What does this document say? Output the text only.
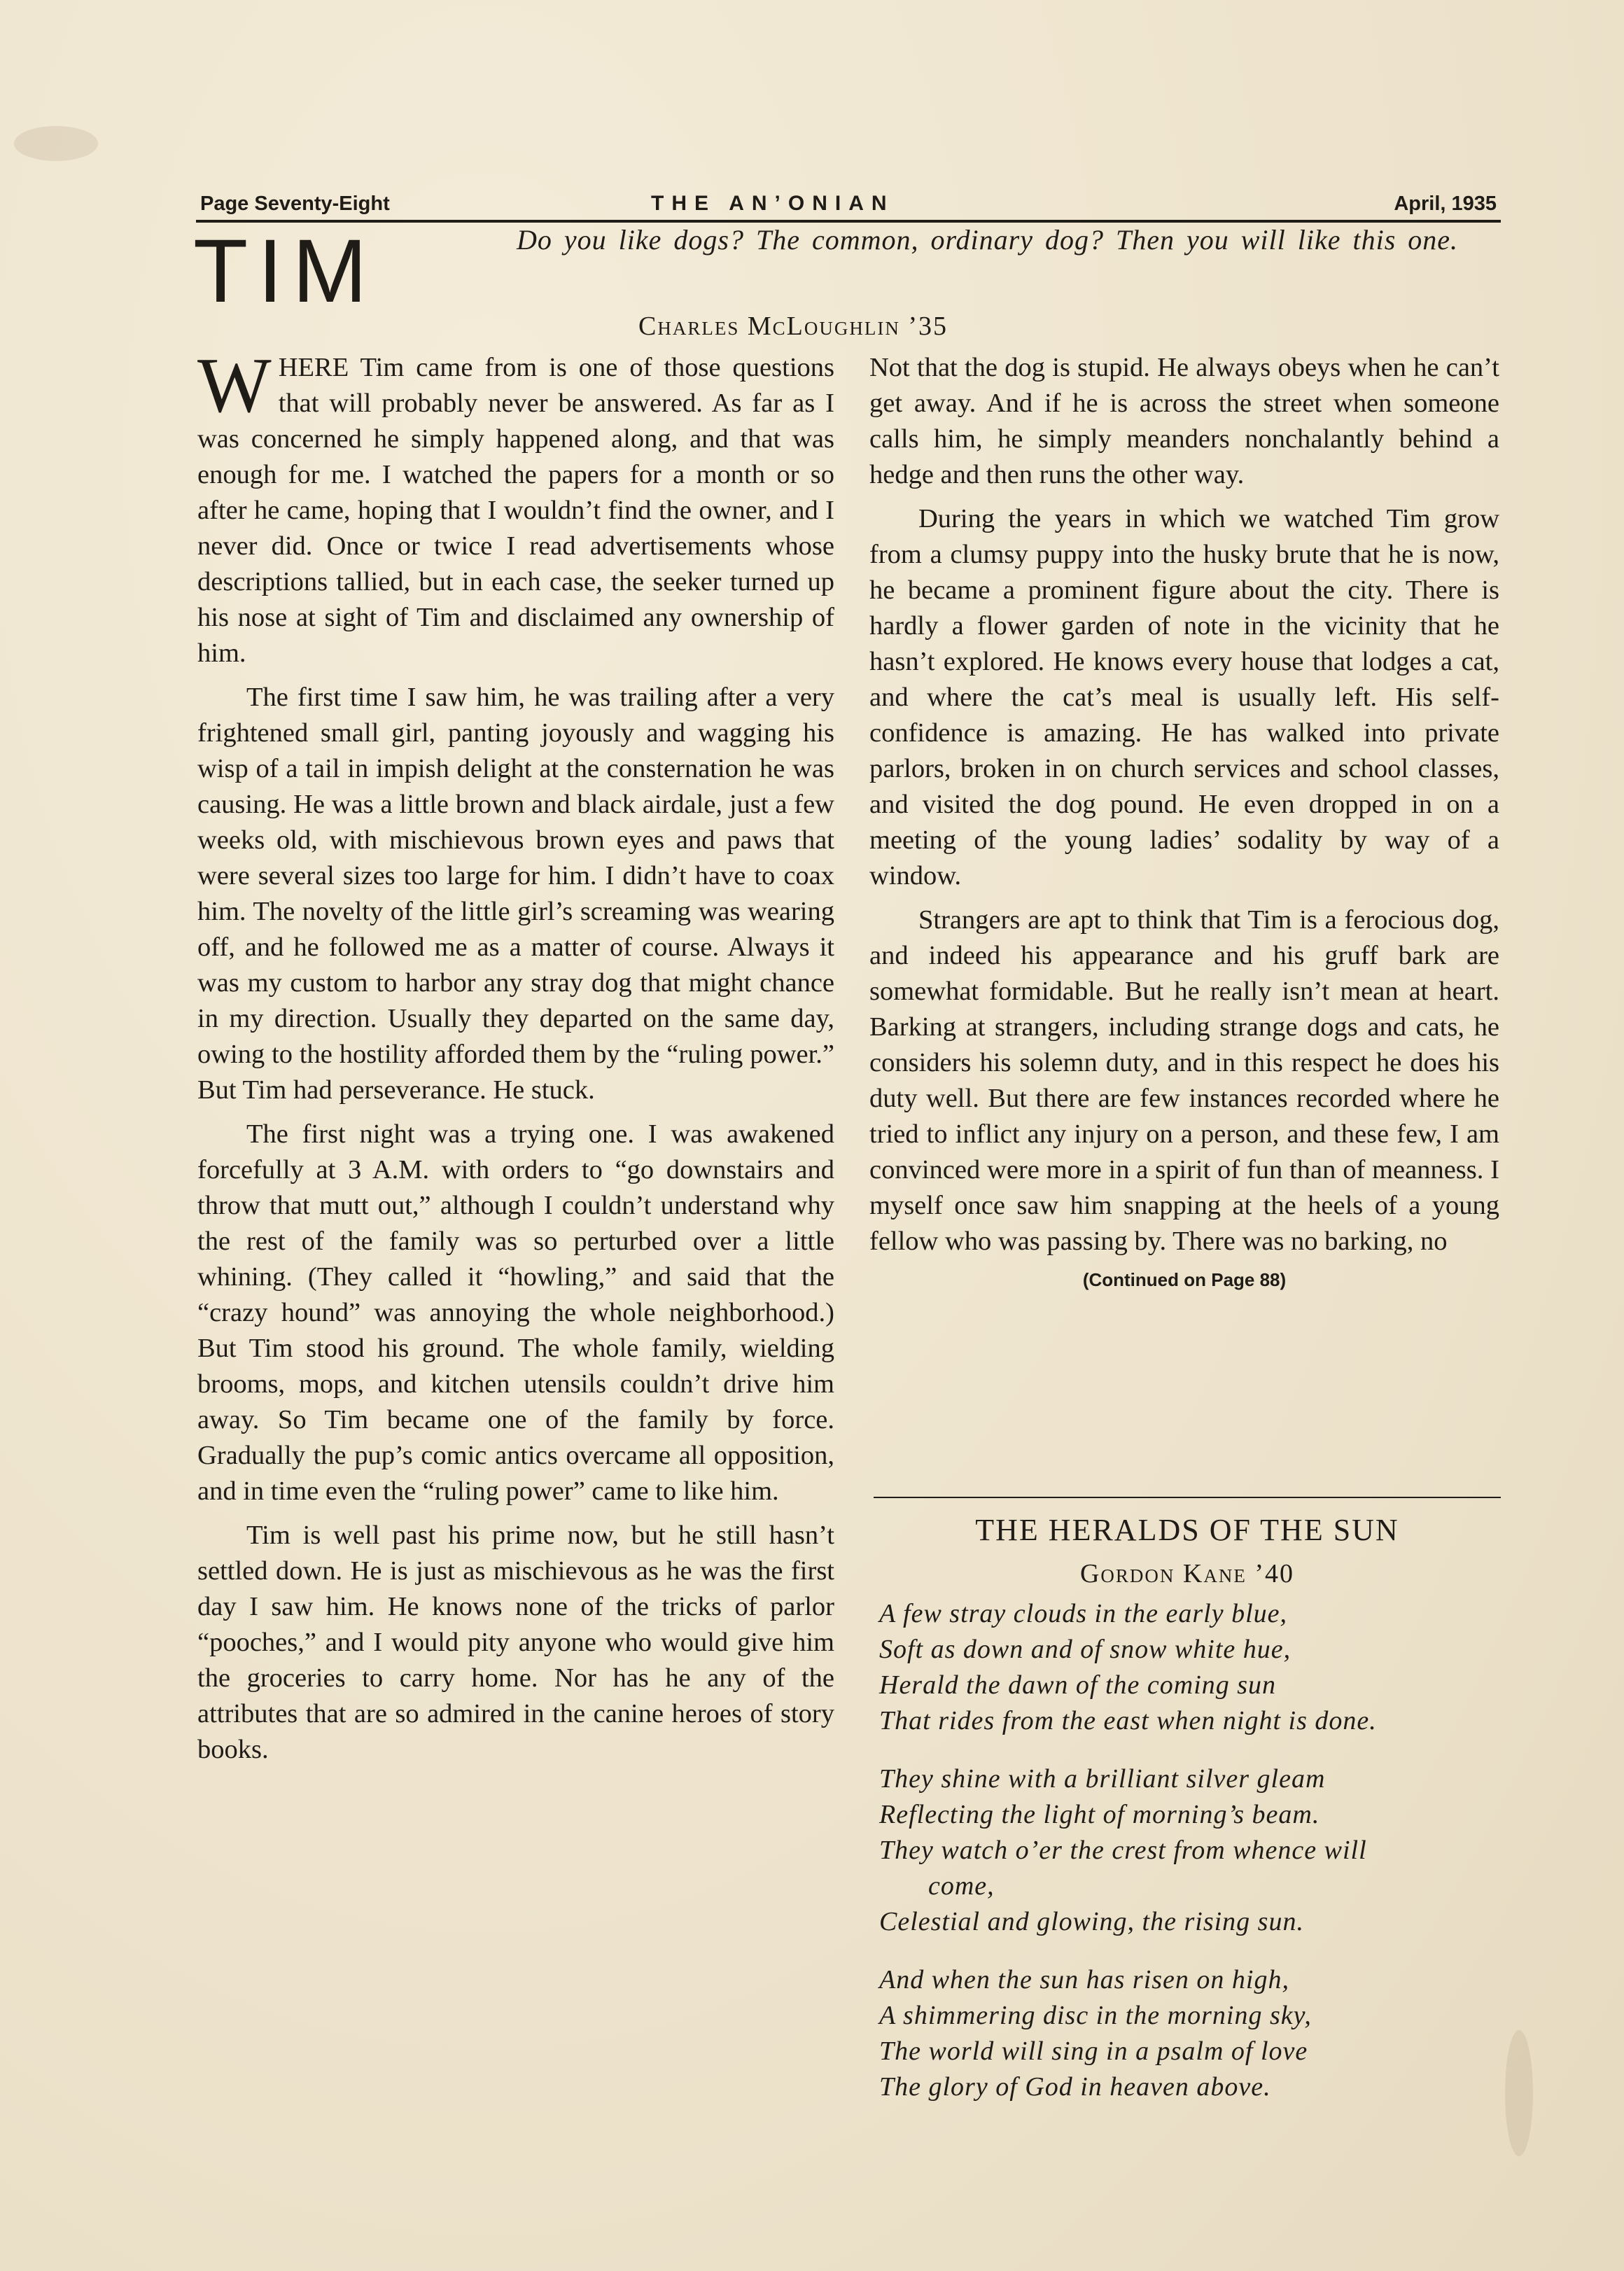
Page Seventy-Eight	THE AN’ONIAN	April, 1935
TIM	Do you like dogs? The common, ordinary dog? Then you will like this one.
Charles McLoughlin ’35

WHERE Tim came from is one of those questions that will probably never be answered. As far as I was concerned he simply happened along, and that was enough for me. I watched the papers for a month or so after he came, hoping that I wouldn’t find the owner, and I never did. Once or twice I read advertisements whose descriptions tallied, but in each case, the seeker turned up his nose at sight of Tim and disclaimed any ownership of him.

The first time I saw him, he was trailing after a very frightened small girl, panting joyously and wagging his wisp of a tail in impish delight at the consternation he was causing. He was a little brown and black airdale, just a few weeks old, with mischievous brown eyes and paws that were several sizes too large for him. I didn’t have to coax him. The novelty of the little girl’s screaming was wearing off, and he followed me as a matter of course. Always it was my custom to harbor any stray dog that might chance in my direction. Usually they departed on the same day, owing to the hostility afforded them by the “ruling power.” But Tim had perseverance. He stuck.

The first night was a trying one. I was awakened forcefully at 3 A.M. with orders to “go downstairs and throw that mutt out,” although I couldn’t understand why the rest of the family was so perturbed over a little whining. (They called it “howling,” and said that the “crazy hound” was annoying the whole neighborhood.) But Tim stood his ground. The whole family, wielding brooms, mops, and kitchen utensils couldn’t drive him away. So Tim became one of the family by force. Gradually the pup’s comic antics overcame all opposition, and in time even the “ruling power” came to like him.

Tim is well past his prime now, but he still hasn’t settled down. He is just as mischievous as he was the first day I saw him. He knows none of the tricks of parlor “pooches,” and I would pity anyone who would give him the groceries to carry home. Nor has he any of the attributes that are so admired in the canine heroes of story books.

Not that the dog is stupid. He always obeys when he can’t get away. And if he is across the street when someone calls him, he simply meanders nonchalantly behind a hedge and then runs the other way.

During the years in which we watched Tim grow from a clumsy puppy into the husky brute that he is now, he became a prominent figure about the city. There is hardly a flower garden of note in the vicinity that he hasn’t explored. He knows every house that lodges a cat, and where the cat’s meal is usually left. His self-confidence is amazing. He has walked into private parlors, broken in on church services and school classes, and visited the dog pound. He even dropped in on a meeting of the young ladies’ sodality by way of a window.

Strangers are apt to think that Tim is a ferocious dog, and indeed his appearance and his gruff bark are somewhat formidable. But he really isn’t mean at heart. Barking at strangers, including strange dogs and cats, he considers his solemn duty, and in this respect he does his duty well. But there are few instances recorded where he tried to inflict any injury on a person, and these few, I am convinced were more in a spirit of fun than of meanness. I myself once saw him snapping at the heels of a young fellow who was passing by. There was no barking, no

(Continued on Page 88)
THE HERALDS OF THE SUN
Gordon Kane ’40
A few stray clouds in the early blue,
Soft as down and of snow white hue,
Herald the dawn of the coming sun
That rides from the east when night is done.
They shine with a brilliant silver gleam
Reflecting the light of morning’s beam.
They watch o’er the crest from whence will
come,
Celestial and glowing, the rising sun.
And when the sun has risen on high,
A shimmering disc in the morning sky,
The world will sing in a psalm of love
The glory of God in heaven above.
